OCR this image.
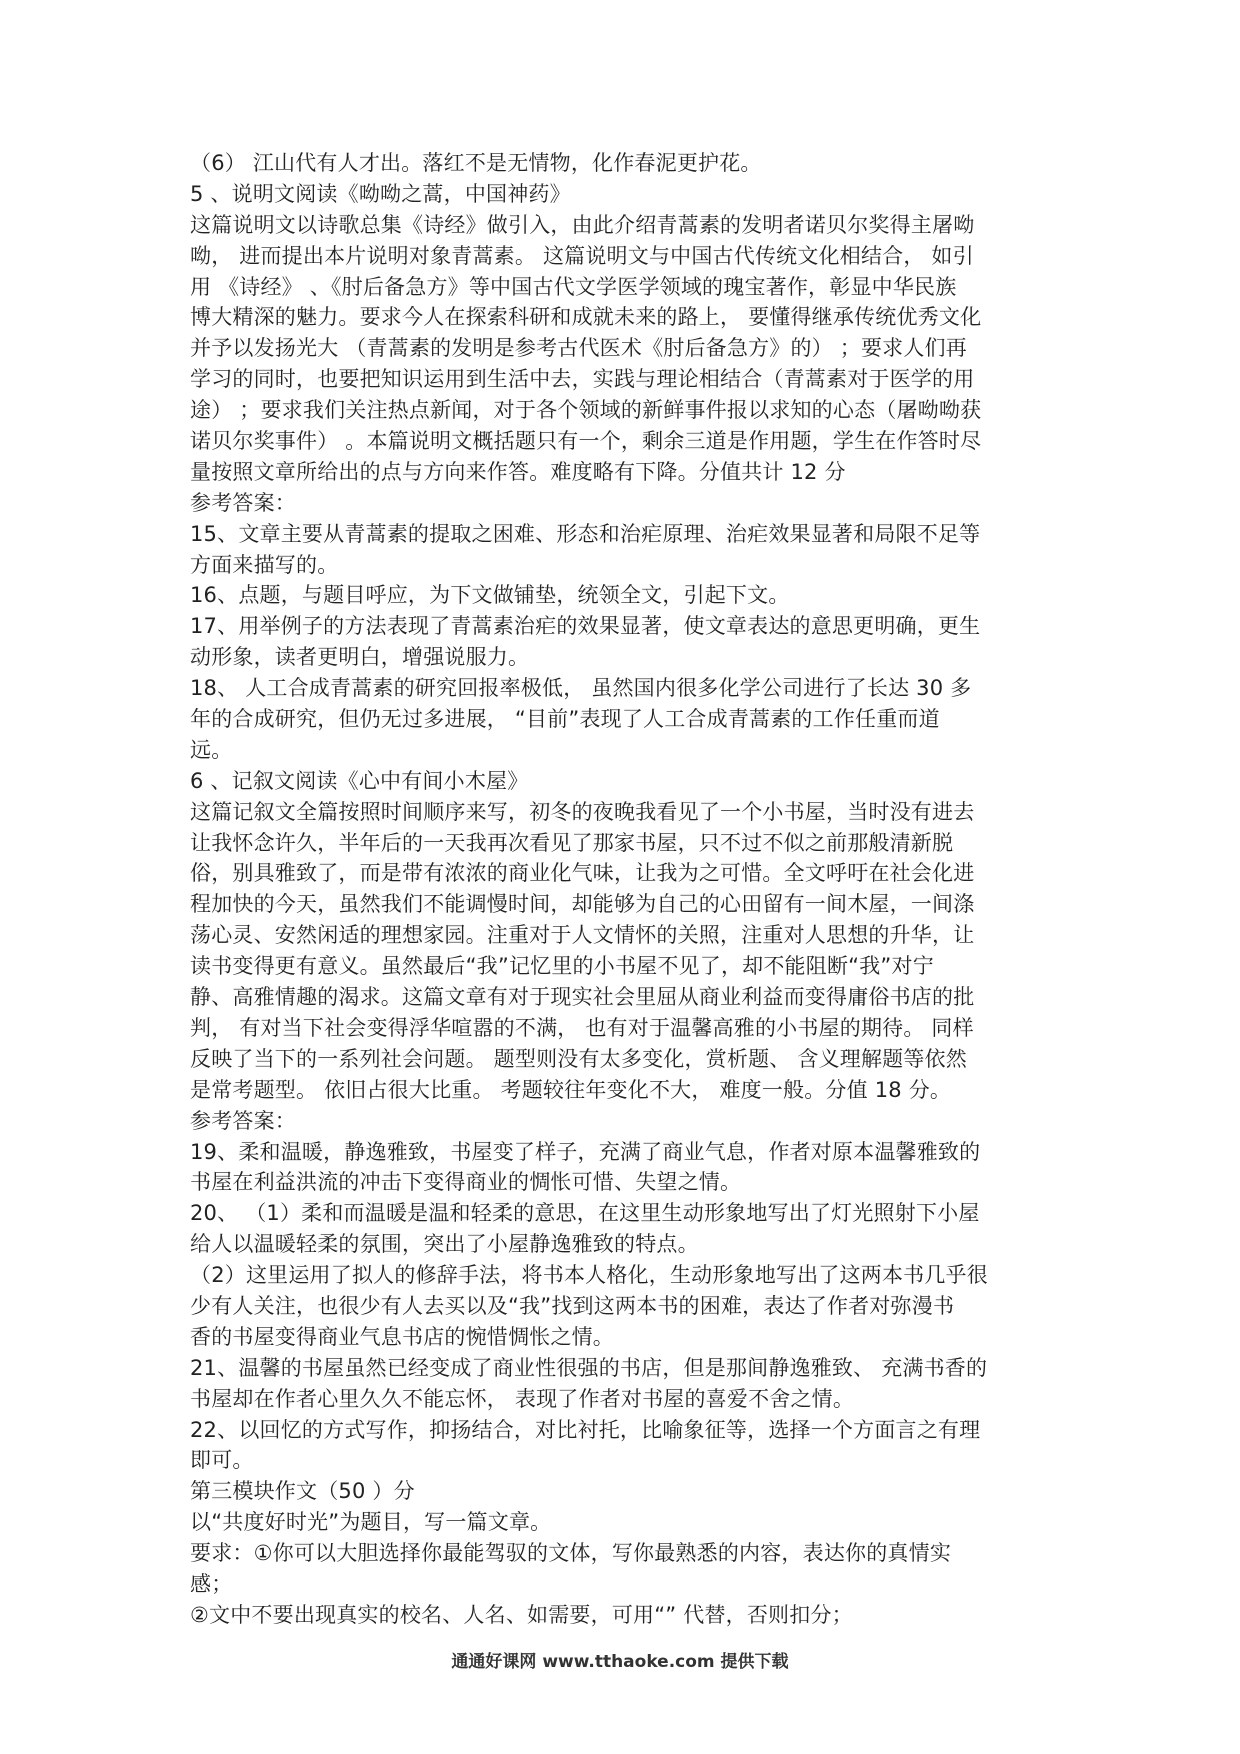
（6） 江山代有人才出。落红不是无情物，化作春泥更护花。
5 、说明文阅读《呦呦之蒿，中国神药》
这篇说明文以诗歌总集《诗经》做引入，由此介绍青蒿素的发明者诺贝尔奖得主屠呦
呦， 进而提出本片说明对象青蒿素。 这篇说明文与中国古代传统文化相结合， 如引
用 《诗经》 、《肘后备急方》等中国古代文学医学领域的瑰宝著作，彰显中华民族
博大精深的魅力。要求今人在探索科研和成就未来的路上， 要懂得继承传统优秀文化
并予以发扬光大 （青蒿素的发明是参考古代医术《肘后备急方》的） ；要求人们再
学习的同时，也要把知识运用到生活中去，实践与理论相结合（青蒿素对于医学的用
途） ；要求我们关注热点新闻，对于各个领域的新鲜事件报以求知的心态（屠呦呦获
诺贝尔奖事件） 。本篇说明文概括题只有一个，剩余三道是作用题，学生在作答时尽
量按照文章所给出的点与方向来作答。难度略有下降。分值共计 12 分
参考答案：
15、文章主要从青蒿素的提取之困难、形态和治疟原理、治疟效果显著和局限不足等
方面来描写的。
16、点题，与题目呼应，为下文做铺垫，统领全文，引起下文。
17、用举例子的方法表现了青蒿素治疟的效果显著，使文章表达的意思更明确，更生
动形象，读者更明白，增强说服力。
18、 人工合成青蒿素的研究回报率极低， 虽然国内很多化学公司进行了长达 30 多
年的合成研究，但仍无过多进展， “目前”表现了人工合成青蒿素的工作任重而道
远。
6 、记叙文阅读《心中有间小木屋》
这篇记叙文全篇按照时间顺序来写，初冬的夜晚我看见了一个小书屋，当时没有进去
让我怀念许久，半年后的一天我再次看见了那家书屋，只不过不似之前那般清新脱
俗，别具雅致了，而是带有浓浓的商业化气味，让我为之可惜。全文呼吁在社会化进
程加快的今天，虽然我们不能调慢时间，却能够为自己的心田留有一间木屋，一间涤
荡心灵、安然闲适的理想家园。注重对于人文情怀的关照，注重对人思想的升华，让
读书变得更有意义。虽然最后“我”记忆里的小书屋不见了，却不能阻断“我”对宁
静、高雅情趣的渴求。这篇文章有对于现实社会里屈从商业利益而变得庸俗书店的批
判， 有对当下社会变得浮华喧嚣的不满， 也有对于温馨高雅的小书屋的期待。 同样
反映了当下的一系列社会问题。 题型则没有太多变化，赏析题、 含义理解题等依然
是常考题型。 依旧占很大比重。 考题较往年变化不大， 难度一般。分值 18 分。
参考答案：
19、柔和温暖，静逸雅致，书屋变了样子，充满了商业气息，作者对原本温馨雅致的
书屋在利益洪流的冲击下变得商业的惆怅可惜、失望之情。
20、 （1）柔和而温暖是温和轻柔的意思，在这里生动形象地写出了灯光照射下小屋
给人以温暖轻柔的氛围，突出了小屋静逸雅致的特点。
（2）这里运用了拟人的修辞手法，将书本人格化，生动形象地写出了这两本书几乎很
少有人关注，也很少有人去买以及“我”找到这两本书的困难，表达了作者对弥漫书
香的书屋变得商业气息书店的惋惜惆怅之情。
21、温馨的书屋虽然已经变成了商业性很强的书店，但是那间静逸雅致、 充满书香的
书屋却在作者心里久久不能忘怀， 表现了作者对书屋的喜爱不舍之情。
22、以回忆的方式写作，抑扬结合，对比衬托，比喻象征等，选择一个方面言之有理
即可。
第三模块作文（50 ）分
以“共度好时光”为题目，写一篇文章。
要求：①你可以大胆选择你最能驾驭的文体，写你最熟悉的内容，表达你的真情实
感；
②文中不要出现真实的校名、人名、如需要，可用“” 代替，否则扣分；
通通好课网 www.tthaoke.com 提供下载
